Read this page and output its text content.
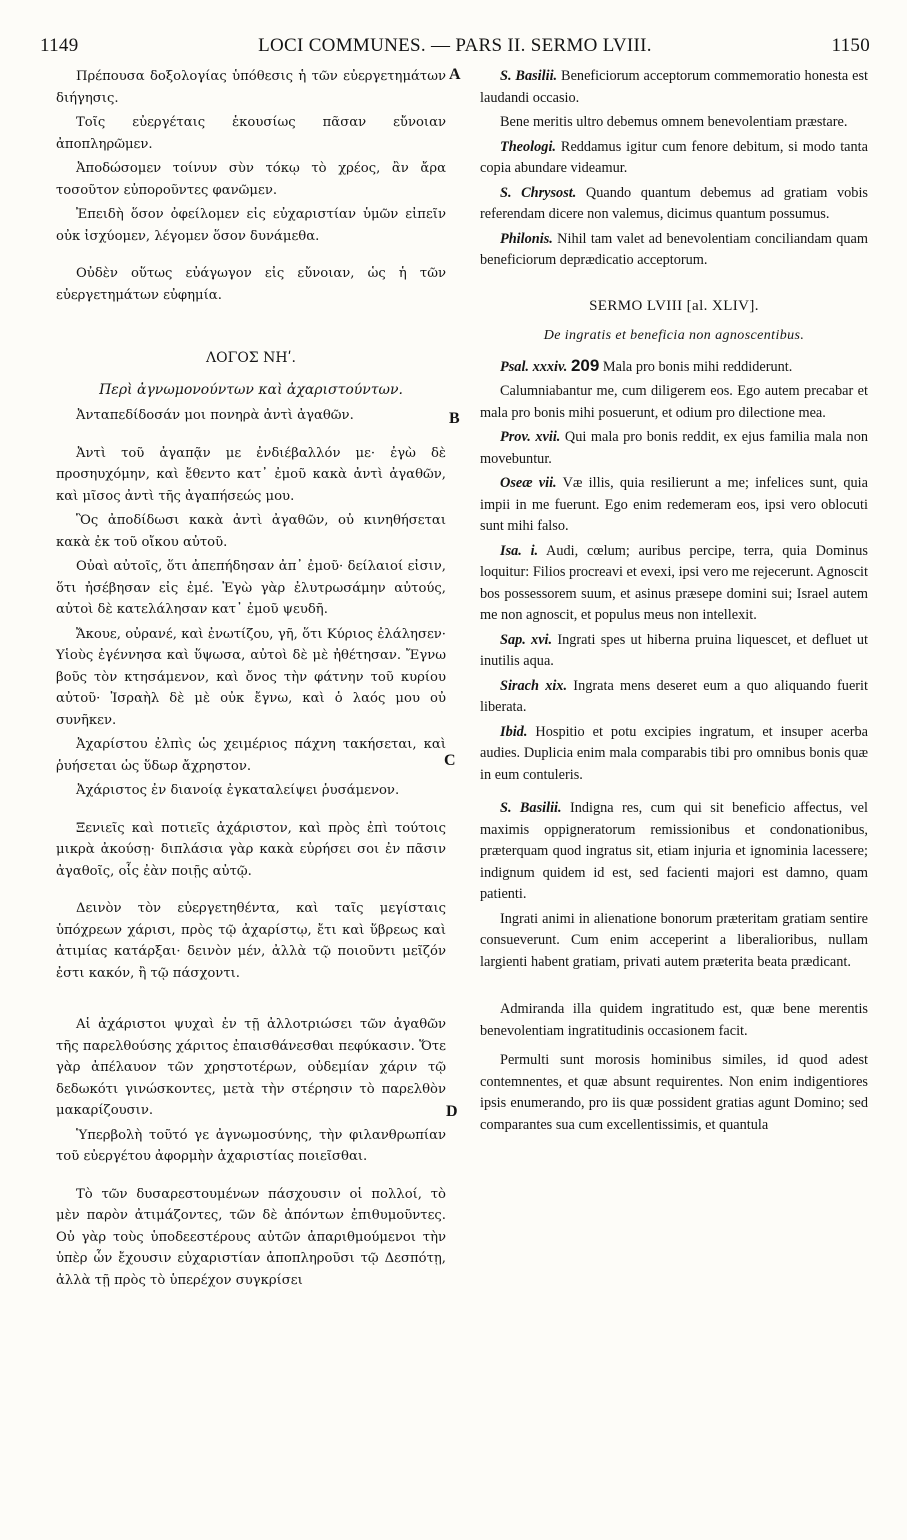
1149	LOCI COMMUNES. — PARS II. SERMO LVIII.	1150
A
B
C
D

Πρέπουσα δοξολογίας ὑπόθεσις ἡ τῶν εὐεργετημάτων διήγησις.

Τοῖς εὐεργέταις ἑκουσίως πᾶσαν εὔνοιαν ἀποπληρῶμεν.

Ἀποδώσομεν τοίνυν σὺν τόκῳ τὸ χρέος, ἂν ἄρα τοσοῦτον εὐποροῦντες φανῶμεν.

Ἐπειδὴ ὅσον ὀφείλομεν εἰς εὐχαριστίαν ὑμῶν εἰπεῖν οὐκ ἰσχύομεν, λέγομεν ὅσον δυνάμεθα.

Οὐδὲν οὕτως εὐάγωγον εἰς εὔνοιαν, ὡς ἡ τῶν εὐεργετημάτων εὐφημία.

ΛΟΓΟΣ ΝΗʹ.

Περὶ ἀγνωμονούντων καὶ ἀχαριστούντων.

Ἀνταπεδίδοσάν μοι πονηρὰ ἀντὶ ἀγαθῶν.

Ἀντὶ τοῦ ἀγαπᾷν με ἐνδιέβαλλόν με· ἐγὼ δὲ προσηυχόμην, καὶ ἔθεντο κατ᾽ ἐμοῦ κακὰ ἀντὶ ἀγαθῶν, καὶ μῖσος ἀντὶ τῆς ἀγαπήσεώς μου.

Ὃς ἀποδίδωσι κακὰ ἀντὶ ἀγαθῶν, οὐ κινηθήσεται κακὰ ἐκ τοῦ οἴκου αὐτοῦ.

Οὐαὶ αὐτοῖς, ὅτι ἀπεπήδησαν ἀπ᾽ ἐμοῦ· δείλαιοί εἰσιν, ὅτι ἠσέβησαν εἰς ἐμέ. Ἐγὼ γὰρ ἐλυτρωσάμην αὐτούς, αὐτοὶ δὲ κατελάλησαν κατ᾽ ἐμοῦ ψευδῆ.

Ἄκουε, οὐρανέ, καὶ ἐνωτίζου, γῆ, ὅτι Κύριος ἐλάλησεν· Υἱοὺς ἐγέννησα καὶ ὕψωσα, αὐτοὶ δὲ μὲ ἠθέτησαν. Ἔγνω βοῦς τὸν κτησάμενον, καὶ ὄνος τὴν φάτνην τοῦ κυρίου αὐτοῦ· Ἰσραὴλ δὲ μὲ οὐκ ἔγνω, καὶ ὁ λαός μου οὐ συνῆκεν.

Ἀχαρίστου ἐλπὶς ὡς χειμέριος πάχνη τακήσεται, καὶ ῥυήσεται ὡς ὕδωρ ἄχρηστον.

Ἀχάριστος ἐν διανοίᾳ ἐγκαταλείψει ῥυσάμενον.

Ξενιεῖς καὶ ποτιεῖς ἀχάριστον, καὶ πρὸς ἐπὶ τούτοις μικρὰ ἀκούσῃ· διπλάσια γὰρ κακὰ εὑρήσει σοι ἐν πᾶσιν ἀγαθοῖς, οἷς ἐὰν ποιῇς αὐτῷ.

Δεινὸν τὸν εὐεργετηθέντα, καὶ ταῖς μεγίσταις ὑπόχρεων χάρισι, πρὸς τῷ ἀχαρίστῳ, ἔτι καὶ ὕβρεως καὶ ἀτιμίας κατάρξαι· δεινὸν μέν, ἀλλὰ τῷ ποιοῦντι μεῖζόν ἐστι κακόν, ἢ τῷ πάσχοντι.

Αἱ ἀχάριστοι ψυχαὶ ἐν τῇ ἀλλοτριώσει τῶν ἀγαθῶν τῆς παρελθούσης χάριτος ἐπαισθάνεσθαι πεφύκασιν. Ὅτε γὰρ ἀπέλαυον τῶν χρηστοτέρων, οὐδεμίαν χάριν τῷ δεδωκότι γινώσκοντες, μετὰ τὴν στέρησιν τὸ παρελθὸν μακαρίζουσιν.

Ὑπερβολὴ τοῦτό γε ἀγνωμοσύνης, τὴν φιλανθρωπίαν τοῦ εὐεργέτου ἀφορμὴν ἀχαριστίας ποιεῖσθαι.

Τὸ τῶν δυσαρεστουμένων πάσχουσιν οἱ πολλοί, τὸ μὲν παρὸν ἀτιμάζοντες, τῶν δὲ ἀπόντων ἐπιθυμοῦντες. Οὐ γὰρ τοὺς ὑποδεεστέρους αὐτῶν ἀπαριθμούμενοι τὴν ὑπὲρ ὧν ἔχουσιν εὐχαριστίαν ἀποπληροῦσι τῷ Δεσπότῃ, ἀλλὰ τῇ πρὸς τὸ ὑπερέχον συγκρίσει

S. Basilii. Beneficiorum acceptorum commemoratio honesta est laudandi occasio.

Bene meritis ultro debemus omnem benevolentiam præstare.

Theologi. Reddamus igitur cum fenore debitum, si modo tanta copia abundare videamur.

S. Chrysost. Quando quantum debemus ad gratiam vobis referendam dicere non valemus, dicimus quantum possumus.

Philonis. Nihil tam valet ad benevolentiam conciliandam quam beneficiorum deprædicatio acceptorum.

SERMO LVIII [al. XLIV].

De ingratis et beneficia non agnoscentibus.

Psal. xxxiv. 209 Mala pro bonis mihi reddiderunt.

Calumniabantur me, cum diligerem eos. Ego autem precabar et mala pro bonis mihi posuerunt, et odium pro dilectione mea.

Prov. xvii. Qui mala pro bonis reddit, ex ejus familia mala non movebuntur.

Oseæ vii. Væ illis, quia resilierunt a me; infelices sunt, quia impii in me fuerunt. Ego enim redemeram eos, ipsi vero oblocuti sunt mihi falso.

Isa. i. Audi, cœlum; auribus percipe, terra, quia Dominus loquitur: Filios procreavi et evexi, ipsi vero me rejecerunt. Agnoscit bos possessorem suum, et asinus præsepe domini sui; Israel autem me non agnoscit, et populus meus non intellexit.

Sap. xvi. Ingrati spes ut hiberna pruina liquescet, et defluet ut inutilis aqua.

Sirach xix. Ingrata mens deseret eum a quo aliquando fuerit liberata.

Ibid. Hospitio et potu excipies ingratum, et insuper acerba audies. Duplicia enim mala comparabis tibi pro omnibus bonis quæ in eum contuleris.

S. Basilii. Indigna res, cum qui sit beneficio affectus, vel maximis oppigneratorum remissionibus et condonationibus, præterquam quod ingratus sit, etiam injuria et ignominia lacessere; indignum quidem id est, sed facienti majori est damno, quam patienti.

Ingrati animi in alienatione bonorum præteritam gratiam sentire consueverunt. Cum enim acceperint a liberalioribus, nullam largienti habent gratiam, privati autem præterita beata prædicant.

Admiranda illa quidem ingratitudo est, quæ bene merentis benevolentiam ingratitudinis occasionem facit.

Permulti sunt morosis hominibus similes, id quod adest contemnentes, et quæ absunt requirentes. Non enim indigentiores ipsis enumerando, pro iis quæ possident gratias agunt Domino; sed comparantes sua cum excellentissimis, et quantula
